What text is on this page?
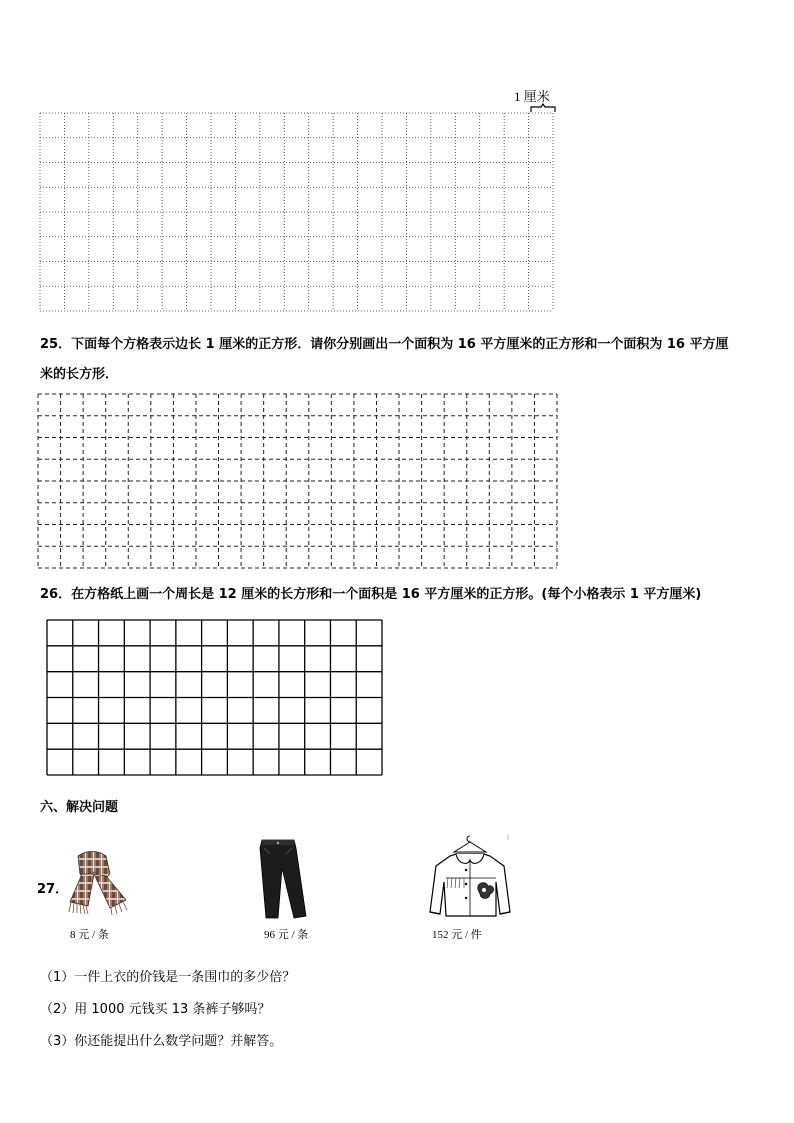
1 厘米
25．下面每个方格表示边长 1 厘米的正方形．请你分别画出一个面积为 16 平方厘米的正方形和一个面积为 16 平方厘
米的长方形．
26．在方格纸上画一个周长是 12 厘米的长方形和一个面积是 16 平方厘米的正方形。(每个小格表示 1 平方厘米)
六、解决问题
27．
8 元 / 条	96 元 / 条	152 元 / 件
（1）一件上衣的价钱是一条围巾的多少倍？
（2）用 1000 元钱买 13 条裤子够吗？
（3）你还能提出什么数学问题？并解答。
